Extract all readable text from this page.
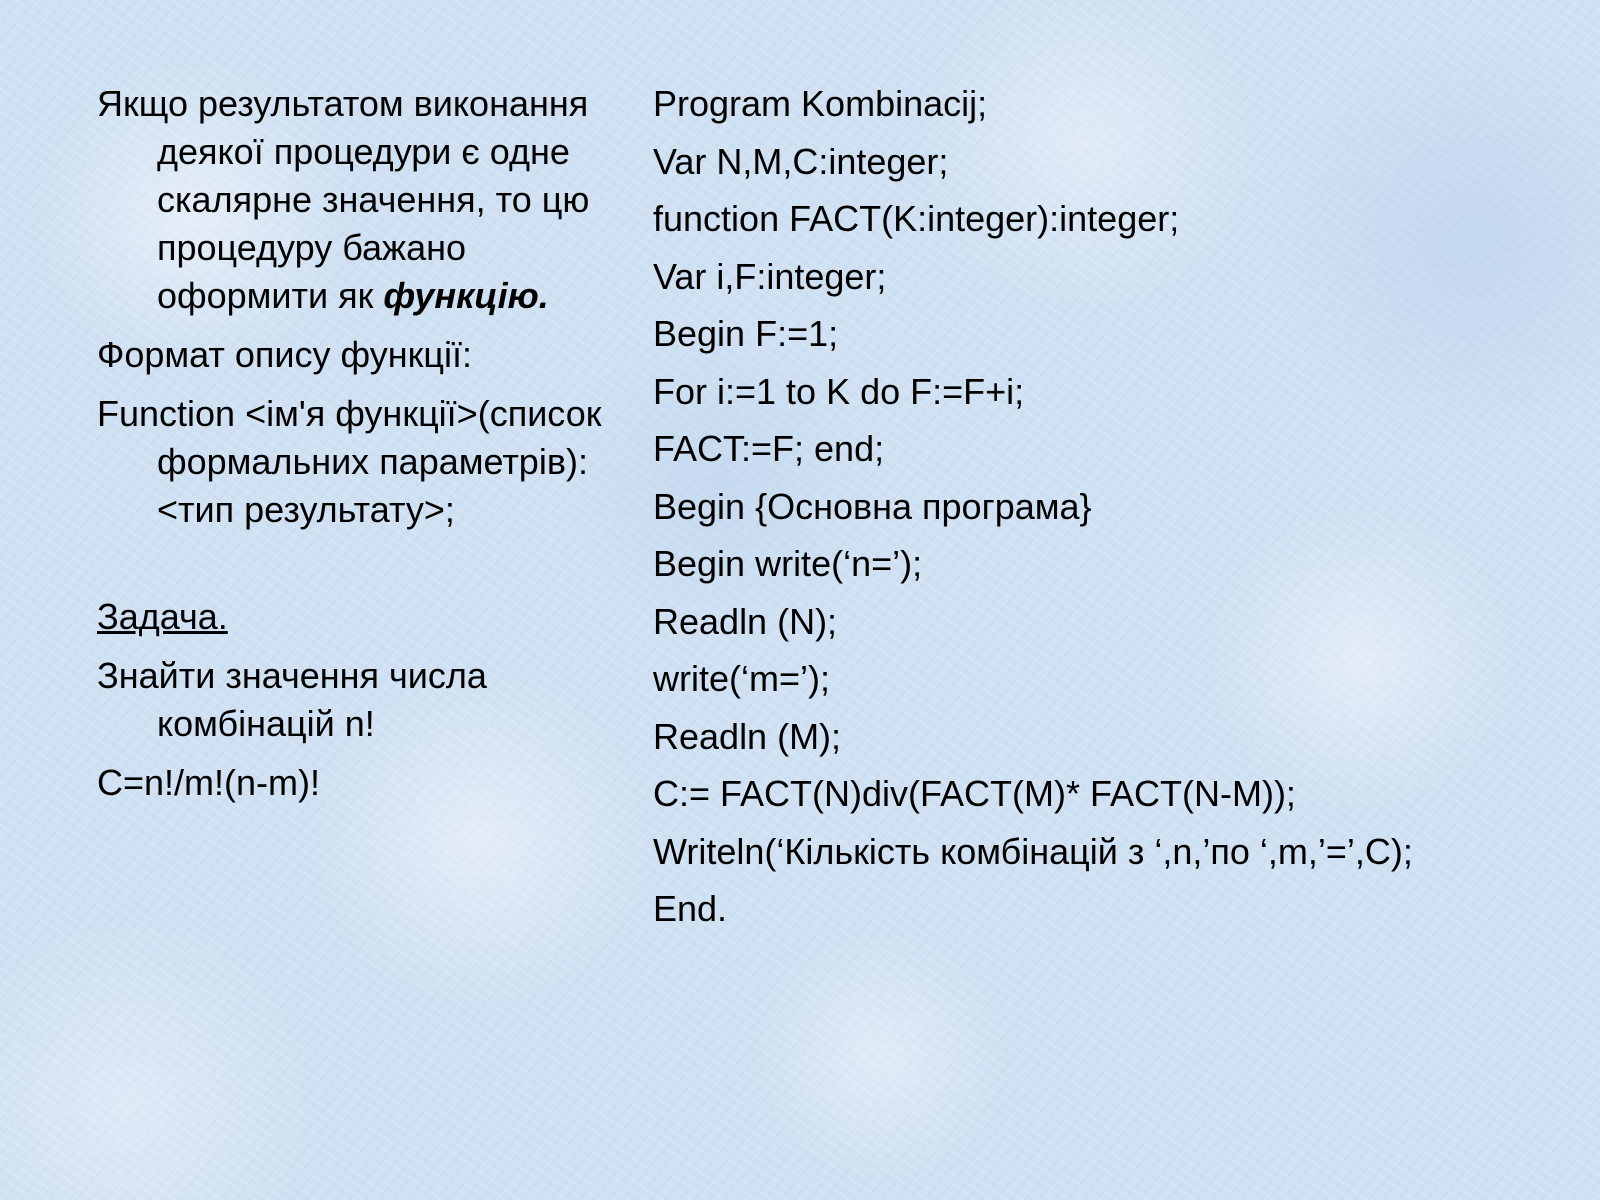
Якщо результатом виконання деякої процедури є одне скалярне значення, то цю процедуру бажано оформити як функцію.

Формат опису функції:

Function <ім'я функції>(список формальних параметрів):<тип результату>;

Задача.

Знайти значення числа комбінацій n!

C=n!/m!(n-m)!

Program Kombinacij;
Var N,M,C:integer;
function FACT(K:integer):integer;
Var i,F:integer;
Begin F:=1;
For i:=1 to K do F:=F+i;
FACT:=F; end;
Begin {Основна програма}
Begin write(‘n=’);
Readln (N);
write(‘m=’);
Readln (M);
C:= FACT(N)div(FACT(M)* FACT(N-M));
Writeln(‘Кількість комбінацій з ‘,n,’по ‘,m,’=’,C);
End.
